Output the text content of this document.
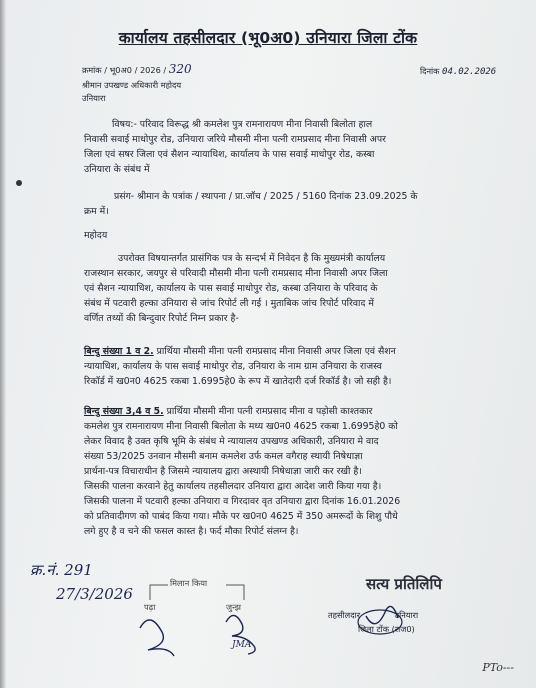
कार्यालय तहसीलदार (भू0अ0) उनियारा जिला टोंक
क्रमांक / भू0अ0 / 2026 / 320	दिनांक 04.02.2026
श्रीमान उपखण्ड अधिकारी महोदय
उनियारा
विषय:- परिवाद विरूद्ध श्री कमलेश पुत्र रामनारायण मीना निवासी बिलोता हाल
निवासी सवाई माधोपुर रोड, उनियारा जरिये मौसमी मीना पत्नी रामप्रसाद मीना निवासी अपर
जिला एवं सषर जिला एवं सैशन न्यायाधिश, कार्यालय के पास सवाई माधोपुर रोड, कस्बा
उनियारा के संबंध में
प्रसंग- श्रीमान के पत्रांक / स्थापना / प्रा.जॉच / 2025 / 5160 दिनांक 23.09.2025 के
क्रम में।
महोदय
उपरोक्त विषयान्तर्गत प्रासंगिक पत्र के सन्दर्भ में निवेदन है कि मुख्यमंत्री कार्यालय
राजस्थान सरकार, जयपुर से परिवादी मौसमी मीना पत्नी रामप्रसाद मीना निवासी अपर जिला
एवं सैशन न्यायाधिश, कार्यालय के पास सवाई माधोपुर रोड, कस्बा उनियारा के परिवाद के
संबंध में पटवारी हल्का उनियारा से जांच रिपोर्ट ली गई । मुताबिक जांच रिपोर्ट परिवाद में
वर्णित तथ्यों की बिन्दुवार रिपोर्ट निम्न प्रकार है-
बिन्दु संख्या 1 व 2. प्रार्थिया मौसमी मीना पत्नी रामप्रसाद मीना निवासी अपर जिला एवं सैशन
न्यायाधिश, कार्यालय के पास सवाई माधोपुर रोड, उनियारा के नाम ग्राम उनियारा के राजस्व
रिकॉर्ड में ख0न0 4625 रकबा 1.6995हे0 के रूप में खातेदारी दर्ज रिकॉर्ड है। जो सही है।
बिन्दु संख्या 3,4 व 5. प्रार्थिया मौसमी मीना पत्नी रामप्रसाद मीना व पड़ोसी काश्तकार
कमलेश पुत्र रामनारायण मीना निवासी बिलोता के मध्य ख0न0 4625 रकबा 1.6995हे0 को
लेकर विवाद है उक्त कृषि भूमि के संबंध मे न्यायालय उपखण्ड अधिकारी, उनियारा मे वाद
संख्या 53/2025 उनवान मौसमी बनाम कमलेश उर्फ कमल वगैराह स्थायी निषेधाज्ञा
प्रार्थना-पत्र विचाराधीन है जिसमे न्यायालय द्वारा अस्थायी निषेधाज्ञा जारी कर रखी है।
जिसकी पालना करवाने हेतु कार्यालय तहसीलदार उनियारा द्वारा आदेश जारी किया गया है।
जिसकी पालना में पटवारी हल्का उनियारा व गिरदावर वृत उनियारा द्वारा दिनांक 16.01.2026
को प्रतिवादीगण को पाबंद किया गया। मौके पर ख0न0 4625 में 350 अमरूदों के शिशु पौधे
लगे हुए है व चने की फसल कास्त है। फर्द मौका रिपोर्ट संलग्न है।
क्र.नं. 291
27/3/2026
मिलान किया
पढ़ा	जुन्झ
JMA
सत्य प्रतिलिपि
तहसीलदार	उनियारा
जिला टोंक (राज0)
PTo---
